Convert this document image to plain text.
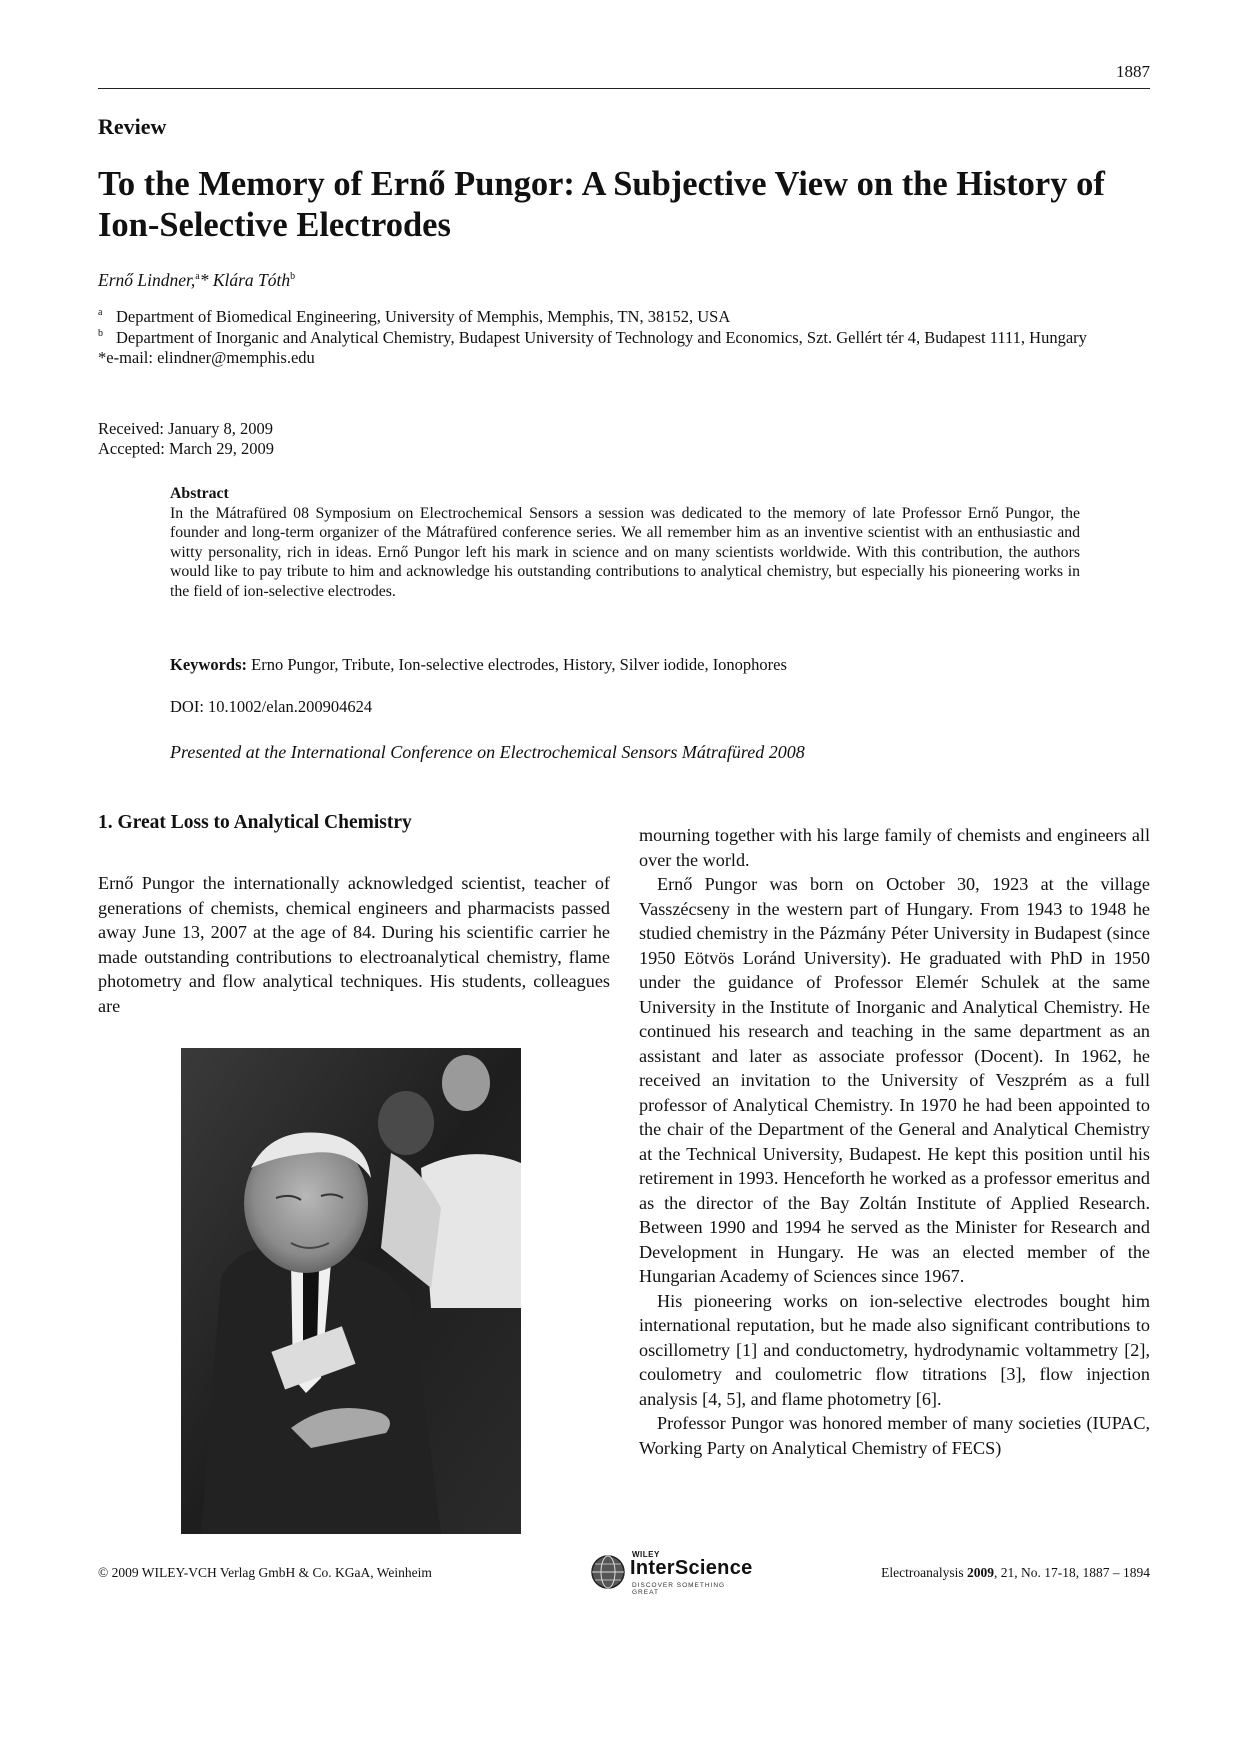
1887
Review
To the Memory of Ernő Pungor: A Subjective View on the History of Ion-Selective Electrodes
Ernő Lindner,$^a$* Klára Tóth$^b$
a Department of Biomedical Engineering, University of Memphis, Memphis, TN, 38152, USA
b Department of Inorganic and Analytical Chemistry, Budapest University of Technology and Economics, Szt. Gellért tér 4, Budapest 1111, Hungary
*e-mail: elindner@memphis.edu
Received: January 8, 2009
Accepted: March 29, 2009
Abstract
In the Mátrafüred 08 Symposium on Electrochemical Sensors a session was dedicated to the memory of late Professor Ernő Pungor, the founder and long-term organizer of the Mátrafüred conference series. We all remember him as an inventive scientist with an enthusiastic and witty personality, rich in ideas. Ernő Pungor left his mark in science and on many scientists worldwide. With this contribution, the authors would like to pay tribute to him and acknowledge his outstanding contributions to analytical chemistry, but especially his pioneering works in the field of ion-selective electrodes.
Keywords: Erno Pungor, Tribute, Ion-selective electrodes, History, Silver iodide, Ionophores
DOI: 10.1002/elan.200904624
Presented at the International Conference on Electrochemical Sensors Mátrafüred 2008
1. Great Loss to Analytical Chemistry

Ernő Pungor the internationally acknowledged scientist, teacher of generations of chemists, chemical engineers and pharmacists passed away June 13, 2007 at the age of 84. During his scientific carrier he made outstanding contributions to electroanalytical chemistry, flame photometry and flow analytical techniques. His students, colleagues are

mourning together with his large family of chemists and engineers all over the world.

Ernő Pungor was born on October 30, 1923 at the village Vasszécseny in the western part of Hungary. From 1943 to 1948 he studied chemistry in the Pázmány Péter University in Budapest (since 1950 Eötvös Loránd University). He graduated with PhD in 1950 under the guidance of Professor Elemér Schulek at the same University in the Institute of Inorganic and Analytical Chemistry. He continued his research and teaching in the same department as an assistant and later as associate professor (Docent). In 1962, he received an invitation to the University of Veszprém as a full professor of Analytical Chemistry. In 1970 he had been appointed to the chair of the Department of the General and Analytical Chemistry at the Technical University, Budapest. He kept this position until his retirement in 1993. Henceforth he worked as a professor emeritus and as the director of the Bay Zoltán Institute of Applied Research. Between 1990 and 1994 he served as the Minister for Research and Development in Hungary. He was an elected member of the Hungarian Academy of Sciences since 1967.

His pioneering works on ion-selective electrodes bought him international reputation, but he made also significant contributions to oscillometry [1] and conductometry, hydrodynamic voltammetry [2], coulometry and coulometric flow titrations [3], flow injection analysis [4, 5], and flame photometry [6].

Professor Pungor was honored member of many societies (IUPAC, Working Party on Analytical Chemistry of FECS)

© 2009 WILEY-VCH Verlag GmbH & Co. KGaA, Weinheim
WILEY
InterScience
DISCOVER SOMETHING GREAT
Electroanalysis 2009, 21, No. 17-18, 1887 – 1894
